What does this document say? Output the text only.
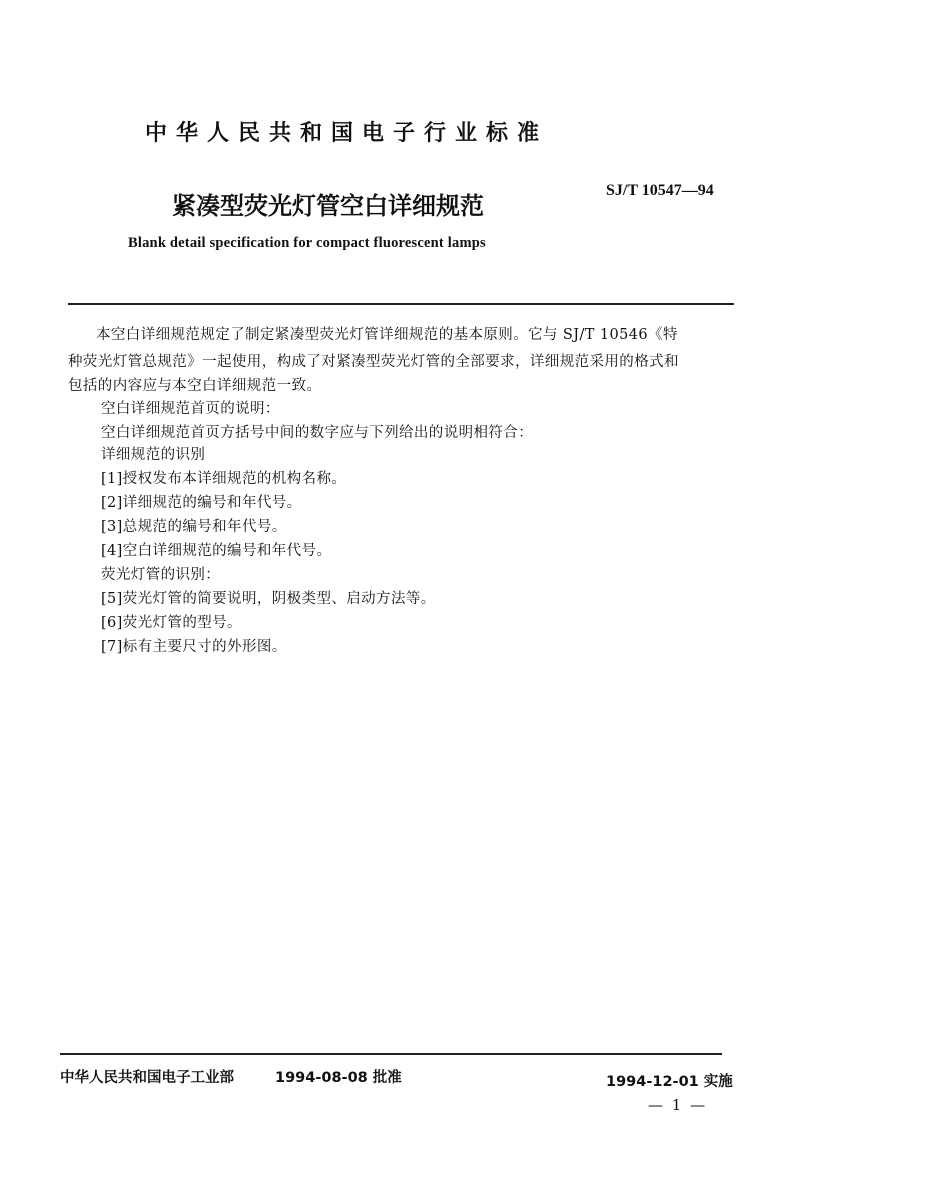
中华人民共和国电子行业标准
紧凑型荧光灯管空白详细规范
SJ/T 10547—94
Blank detail specification for compact fluorescent lamps
本空白详细规范规定了制定紧凑型荧光灯管详细规范的基本原则。它与 SJ/T 10546《特
种荧光灯管总规范》一起使用，构成了对紧凑型荧光灯管的全部要求，详细规范采用的格式和
包括的内容应与本空白详细规范一致。
空白详细规范首页的说明：
空白详细规范首页方括号中间的数字应与下列给出的说明相符合：
详细规范的识别
[1]授权发布本详细规范的机构名称。
[2]详细规范的编号和年代号。
[3]总规范的编号和年代号。
[4]空白详细规范的编号和年代号。
荧光灯管的识别：
[5]荧光灯管的简要说明，阴极类型、启动方法等。
[6]荧光灯管的型号。
[7]标有主要尺寸的外形图。
中华人民共和国电子工业部	1994-08-08 批准	1994-12-01 实施
— 1 —
